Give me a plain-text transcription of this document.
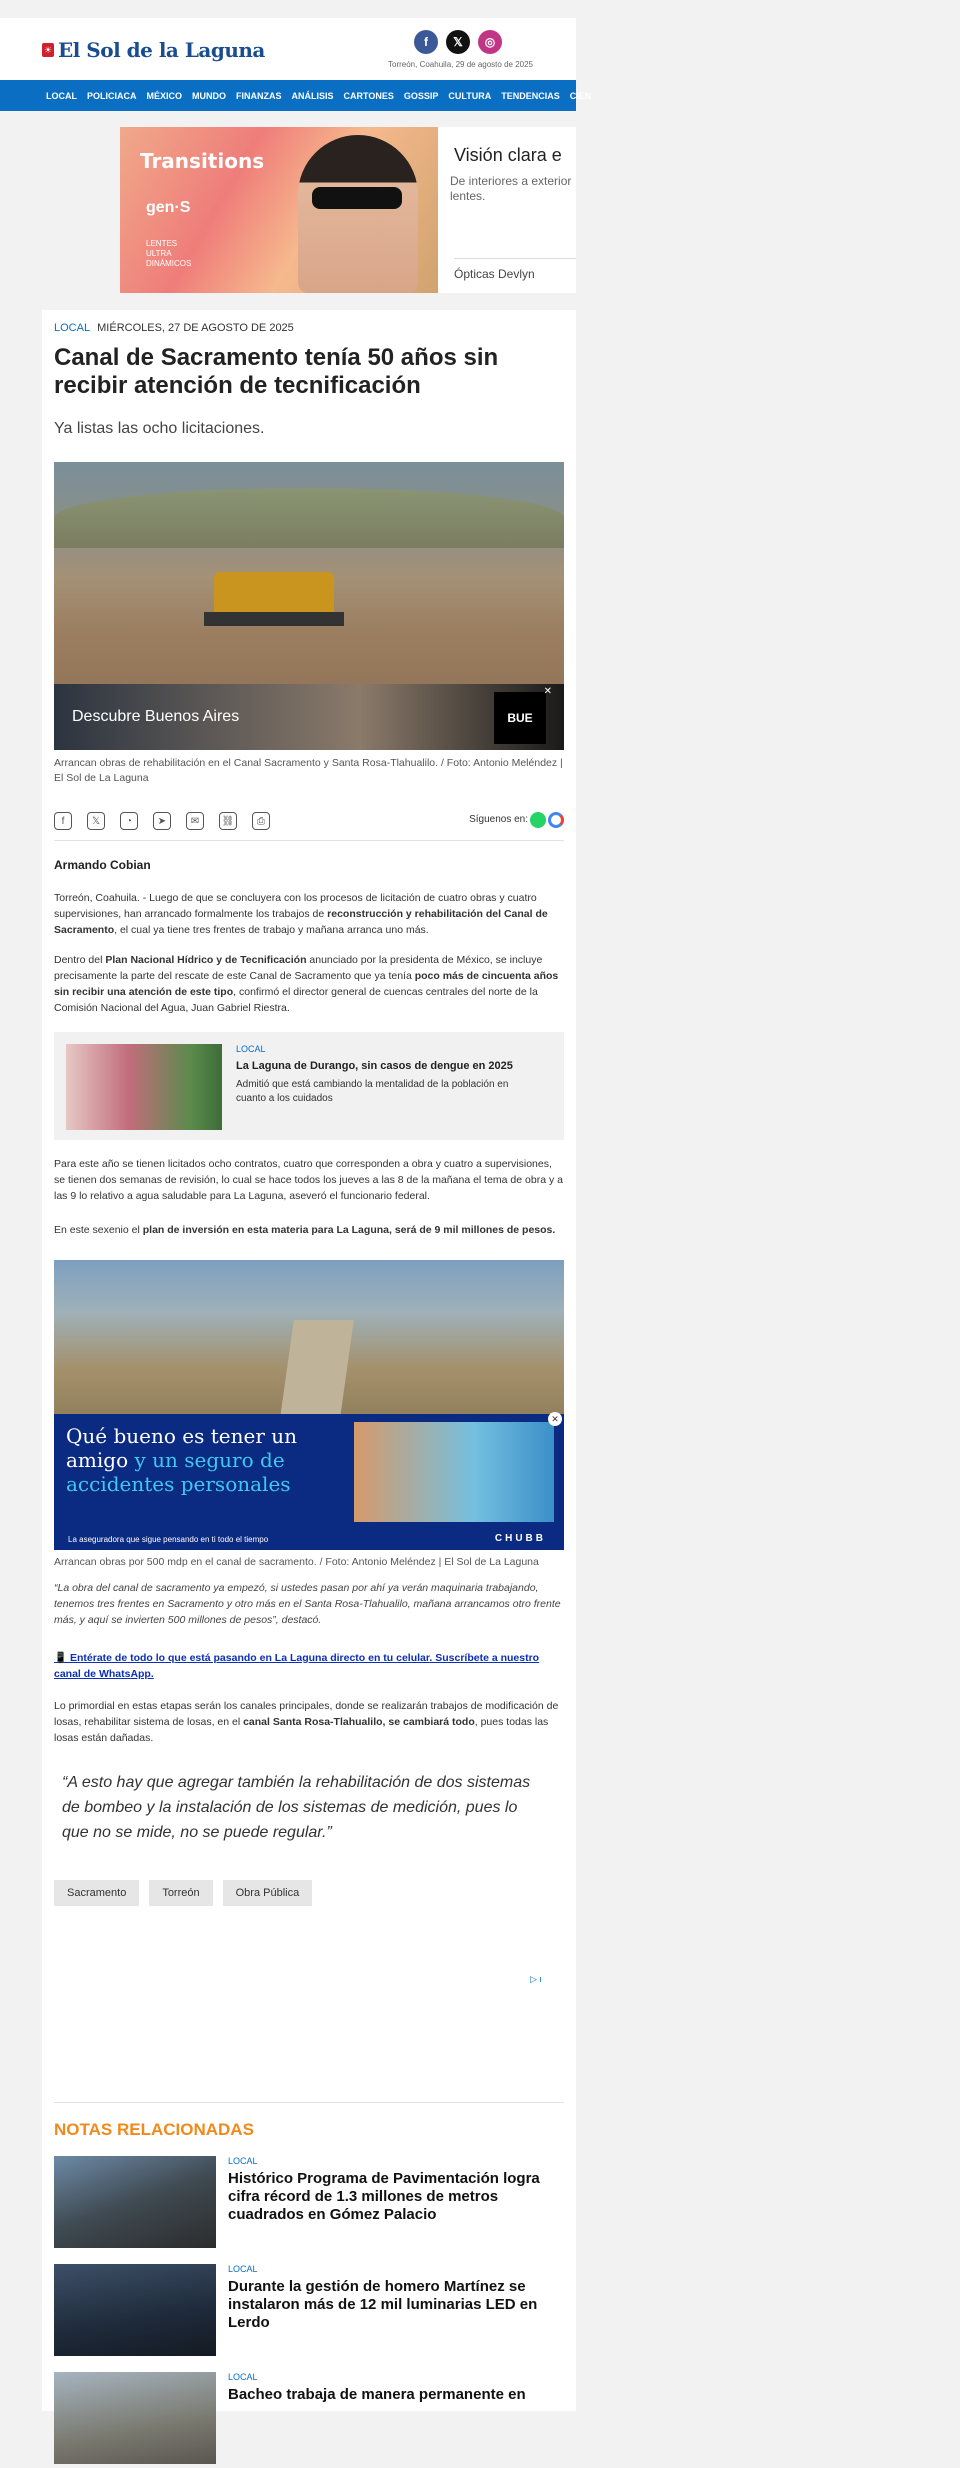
☀ El Sol de la Laguna	f	𝕏	◎
Torreón, Coahuila, 29 de agosto de 2025
LOCAL POLICIACA MÉXICO MUNDO FINANZAS ANÁLISIS CARTONES GOSSIP CULTURA TENDENCIAS CIEN
Transitions
gen·S
LENTES
ULTRA
DINÁMICOS
Visión clara e
De interiores a exterior
lentes.
Ópticas Devlyn
LOCAL MIÉRCOLES, 27 DE AGOSTO DE 2025
Canal de Sacramento tenía 50 años sin recibir atención de tecnificación
Ya listas las ocho licitaciones.
Descubre Buenos Aires	BUE
✕
Arrancan obras de rehabilitación en el Canal Sacramento y Santa Rosa-Tlahualilo. / Foto: Antonio Meléndez | El Sol de La Laguna
f	𝕏	◔	➤	✉	⛓	⎙	Síguenos en:
Armando Cobian
Torreón, Coahuila. - Luego de que se concluyera con los procesos de licitación de cuatro obras y cuatro supervisiones, han arrancado formalmente los trabajos de reconstrucción y rehabilitación del Canal de Sacramento, el cual ya tiene tres frentes de trabajo y mañana arranca uno más.
Dentro del Plan Nacional Hídrico y de Tecnificación anunciado por la presidenta de México, se incluye precisamente la parte del rescate de este Canal de Sacramento que ya tenía poco más de cincuenta años sin recibir una atención de este tipo, confirmó el director general de cuencas centrales del norte de la Comisión Nacional del Agua, Juan Gabriel Riestra.
LOCAL
La Laguna de Durango, sin casos de dengue en 2025
Admitió que está cambiando la mentalidad de la población en cuanto a los cuidados
Para este año se tienen licitados ocho contratos, cuatro que corresponden a obra y cuatro a supervisiones, se tienen dos semanas de revisión, lo cual se hace todos los jueves a las 8 de la mañana el tema de obra y a las 9 lo relativo a agua saludable para La Laguna, aseveró el funcionario federal.
En este sexenio el plan de inversión en esta materia para La Laguna, será de 9 mil millones de pesos.
Qué bueno es tener un amigo y un seguro de accidentes personales
La aseguradora que sigue pensando en ti todo el tiempo	CHUBB
✕
Arrancan obras por 500 mdp en el canal de sacramento. / Foto: Antonio Meléndez | El Sol de La Laguna
“La obra del canal de sacramento ya empezó, si ustedes pasan por ahí ya verán maquinaria trabajando, tenemos tres frentes en Sacramento y otro más en el Santa Rosa-Tlahualilo, mañana arrancamos otro frente más, y aquí se invierten 500 millones de pesos”, destacó.
📱 Entérate de todo lo que está pasando en La Laguna directo en tu celular. Suscríbete a nuestro canal de WhatsApp.
Lo primordial en estas etapas serán los canales principales, donde se realizarán trabajos de modificación de losas, rehabilitar sistema de losas, en el canal Santa Rosa-Tlahualilo, se cambiará todo, pues todas las losas están dañadas.
“A esto hay que agregar también la rehabilitación de dos sistemas de bombeo y la instalación de los sistemas de medición, pues lo que no se mide, no se puede regular.”
Sacramento	Torreón	Obra Pública
▷ ı
NOTAS RELACIONADAS
LOCAL
Histórico Programa de Pavimentación logra cifra récord de 1.3 millones de metros cuadrados en Gómez Palacio
LOCAL
Durante la gestión de homero Martínez se instalaron más de 12 mil luminarias LED en Lerdo
LOCAL
Bacheo trabaja de manera permanente en
